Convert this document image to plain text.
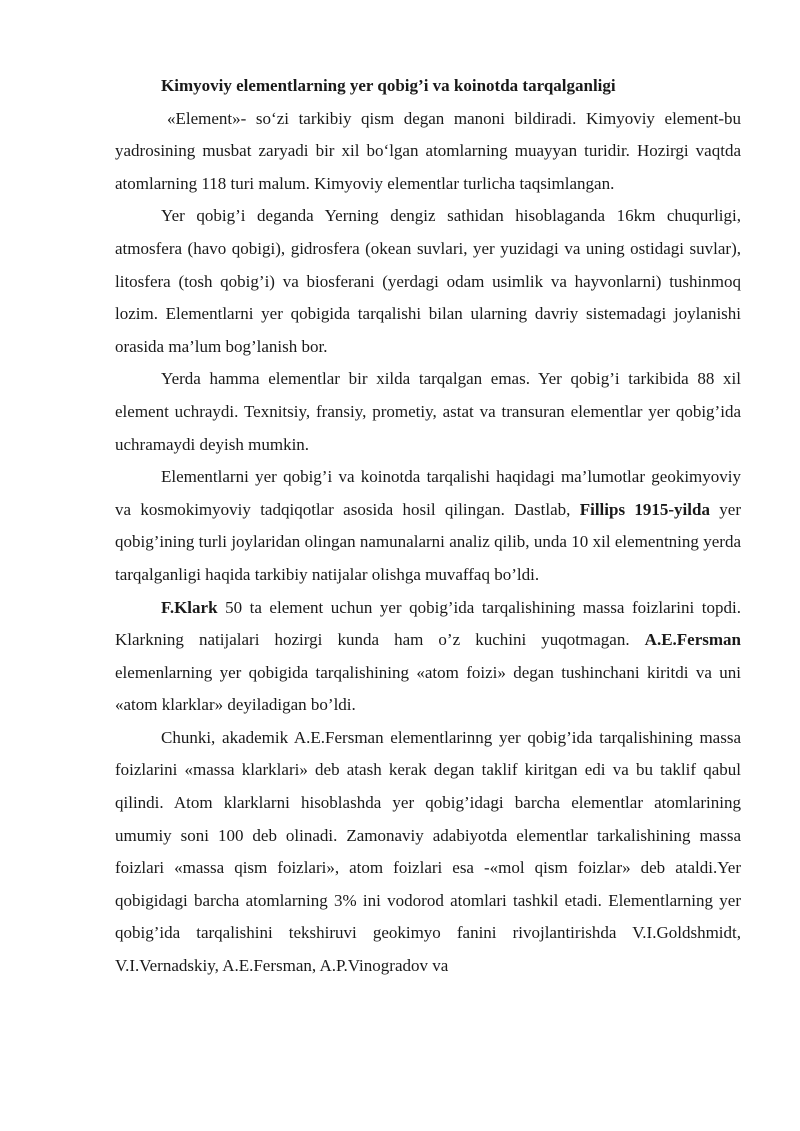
Kimyoviy elementlarning yer qobig’i va koinotda tarqalganligi

«Element»- so‘zi tarkibiy qism degan manoni bildiradi. Kimyoviy element-bu yadrosining musbat zaryadi bir xil bo‘lgan atomlarning muayyan turidir. Hozirgi vaqtda atomlarning 118 turi malum. Kimyoviy elementlar turlicha taqsimlangan.

Yer qobig’i deganda Yerning dengiz sathidan hisoblaganda 16km chuqurligi, atmosfera (havo qobigi), gidrosfera (okean suvlari, yer yuzidagi va uning ostidagi suvlar), litosfera (tosh qobig’i) va biosferani (yerdagi odam usimlik va hayvonlarni) tushinmoq lozim. Elementlarni yer qobigida tarqalishi bilan ularning davriy sistemadagi joylanishi orasida ma’lum bog’lanish bor.

Yerda hamma elementlar bir xilda tarqalgan emas. Yer qobig’i tarkibida 88 xil element uchraydi. Texnitsiy, fransiy, prometiy, astat va transuran elementlar yer qobig’ida uchramaydi deyish mumkin.

Elementlarni yer qobig’i va koinotda tarqalishi haqidagi ma’lumotlar geokimyoviy va kosmokimyoviy tadqiqotlar asosida hosil qilingan. Dastlab, Fillips 1915-yilda yer qobig’ining turli joylaridan olingan namunalarni analiz qilib, unda 10 xil elementning yerda tarqalganligi haqida tarkibiy natijalar olishga muvaffaq bo’ldi.

F.Klark 50 ta element uchun yer qobig’ida tarqalishining massa foizlarini topdi. Klarkning natijalari hozirgi kunda ham o’z kuchini yuqotmagan. A.E.Fersman elemenlarning yer qobigida tarqalishining «atom foizi» degan tushinchani kiritdi va uni «atom klarklar» deyiladigan bo’ldi.

Chunki, akademik A.E.Fersman elementlarinng yer qobig’ida tarqalishining massa foizlarini «massa klarklari» deb atash kerak degan taklif kiritgan edi va bu taklif qabul qilindi. Atom klarklarni hisoblashda yer qobig’idagi barcha elementlar atomlarining umumiy soni 100 deb olinadi. Zamonaviy adabiyotda elementlar tarkalishining massa foizlari «massa qism foizlari», atom foizlari esa -«mol qism foizlar» deb ataldi.Yer qobigidagi barcha atomlarning 3% ini vodorod atomlari tashkil etadi. Elementlarning yer qobig’ida tarqalishini tekshiruvi geokimyo fanini rivojlantirishda V.I.Goldshmidt, V.I.Vernadskiy, A.E.Fersman, A.P.Vinogradov va
